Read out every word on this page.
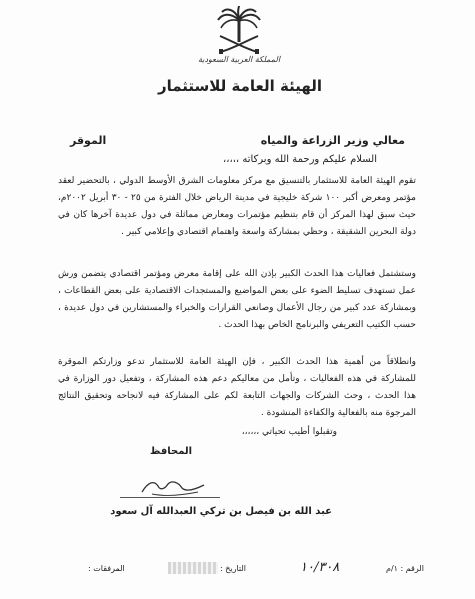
المملكة العربية السعودية
الهيئة العامة للاستثمار
معالي وزير الزراعة والمياه
الموقر
السلام عليكم ورحمة الله وبركاته ،،،،،
تقوم الهيئة العامة للاستثمار بالتنسيق مع مركز معلومات الشرق الأوسط الدولي ، بالتحضير لعقد مؤتمر ومعرض أكبر ١٠٠ شركة خليجية في مدينة الرياض خلال الفترة من ٢٥ - ٣٠ أبريل ٢٠٠٢م، حيث سبق لهذا المركز أن قام بتنظيم مؤتمرات ومعارض مماثلة في دول عديدة آخرها كان في دولة البحرين الشقيقة ، وحظي بمشاركة واسعة واهتمام اقتصادي وإعلامي كبير .
وستشتمل فعاليات هذا الحدث الكبير بإذن الله على إقامة معرض ومؤتمر اقتصادي يتضمن ورش عمل تستهدف تسليط الضوء على بعض المواضيع والمستجدات الاقتصادية على بعض القطاعات ، وبمشاركة عدد كبير من رجال الأعمال وصانعي القرارات والخبراء والمستشارين في دول عديدة ، حسب الكتيب التعريفي والبرنامج الخاص بهذا الحدث .
وانطلاقاً من أهمية هذا الحدث الكبير ، فإن الهيئة العامة للاستثمار تدعو وزارتكم الموقرة للمشاركة في هذه الفعاليات ، وتأمل من معاليكم دعم هذه المشاركة ، وتفعيل دور الوزارة في هذا الحدث ، وحث الشركات والجهات التابعة لكم على المشاركة فيه لانجاحه وتحقيق النتائج المرجوة منه بالفعالية والكفاءة المنشودة .
وتقبلوا أطيب تحياتي ،،،،،،
المحافظ
عبد الله بن فيصل بن تركي العبدالله آل سعود
الرقم : ١/م
١٠/٣٠٨
التاريخ :
المرفقات :
